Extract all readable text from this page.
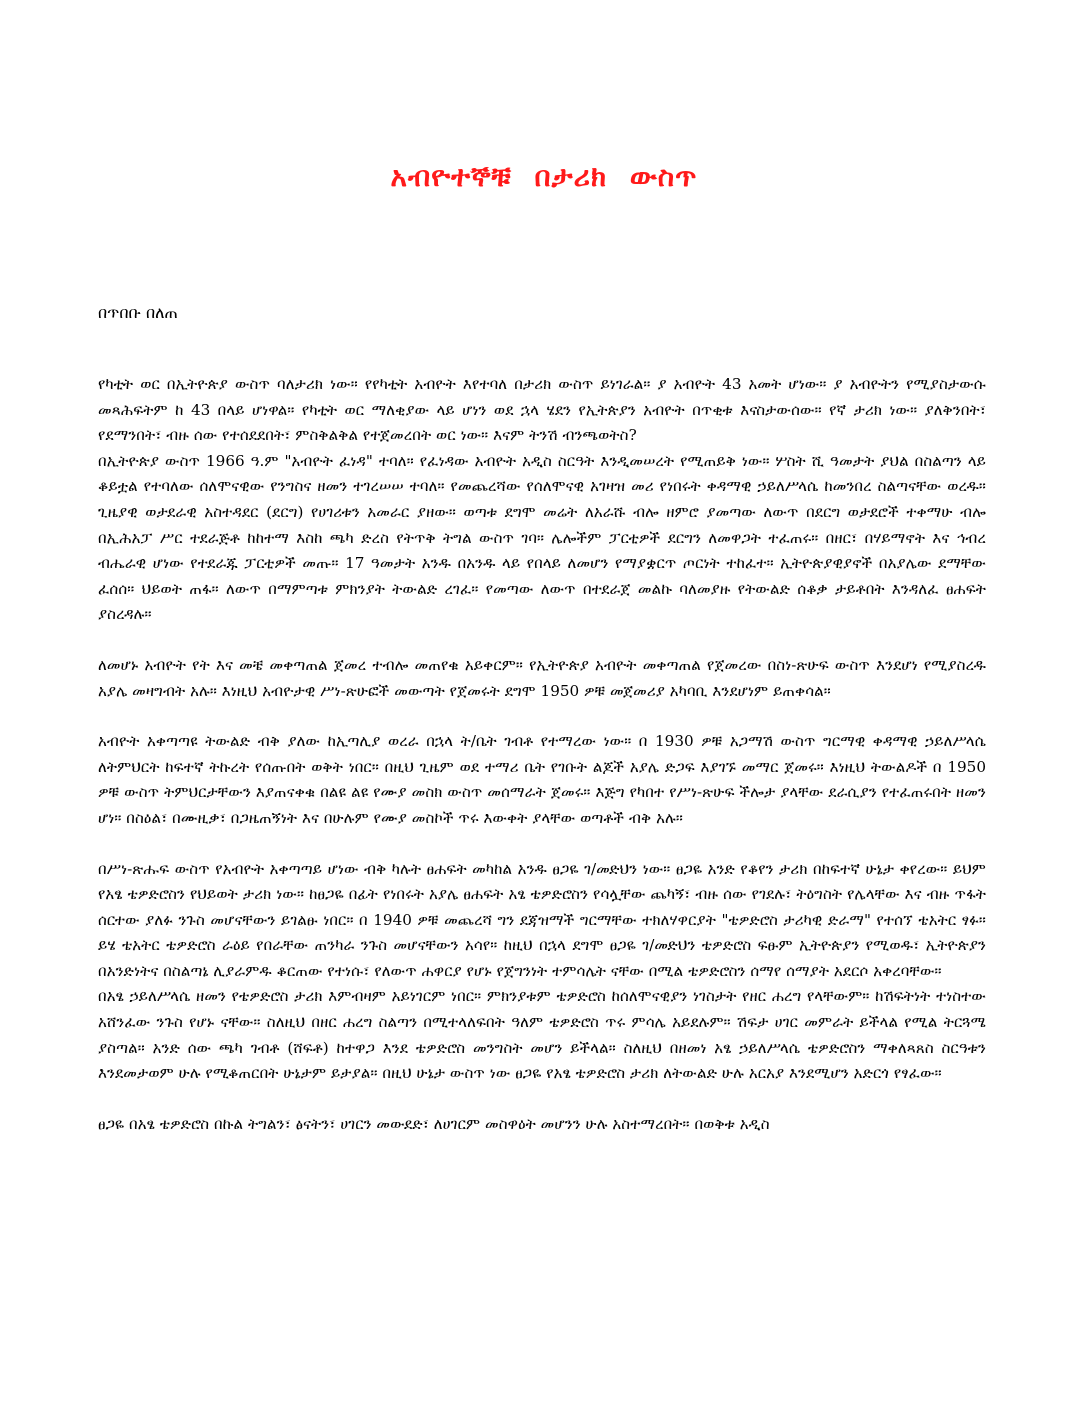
አብዮተኞቹ በታሪክ ውስጥ
በጥበቡ በለጠ

የካቲት ወር በኢትዮጵያ ውስጥ ባለታሪክ ነው። የየካቲት አብዮት እየተባለ በታሪክ ውስጥ ይነገራል። ያ አብዮት 43 አመት ሆነው። ያ አብዮትን የሚያስታውሱ መጻሕፍትም ከ 43 በላይ ሆነዋል። የካቲት ወር ማለቂያው ላይ ሆነን ወደ ኋላ ሄደን የኢትጵያን አብዮት በጥቂቱ እናስታውሰው። የኛ ታሪክ ነው። ያለቅንበት፣ የደማንበት፣ ብዙ ሰው የተሰደደበት፣ ምስቅልቅል የተጀመረበት ወር ነው። እናም ትንሽ ብንጫወትስ?

በኢትዮጵያ ውስጥ 1966 ዓ.ም "አብዮት ፈነዳ" ተባለ። የፈነዳው አብዮት አዲስ ስርዓት እንዲመሠረት የሚጠይቅ ነው። ሦስት ሺ ዓመታት ያህል በስልጣን ላይ ቆይቷል የተባለው ሰለሞናዊው የንግስና ዘመን ተገረሠሠ ተባለ። የመጨረሻው የሰለሞናዊ አገዛዝ መሪ የነበሩት ቀዳማዊ ኃይለሥላሴ ከመንበረ ስልጣናቸው ወረዱ። ጊዜያዊ ወታደራዊ አስተዳደር (ደርግ) የሀገሪቱን አመራር ያዘው። ወጣቱ ደግሞ መሬት ለአራሹ ብሎ ዘምሮ ያመጣው ለውጥ በደርግ ወታደሮች ተቀማሁ ብሎ በኢሕአፓ ሥር ተደራጅቶ ከከተማ እስከ ጫካ ድረስ የትጥቅ ትግል ውስጥ ገባ። ሌሎችም ፓርቲዎች ደርግን ለመዋጋት ተፈጠሩ። በዘር፣ በሃይማኖት እና ኅብረ ብሔራዊ ሆነው የተደራጁ ፓርቲዎች መጡ። 17 ዓመታት አንዱ በአንዱ ላይ የበላይ ለመሆን የማያቋርጥ ጦርነት ተከፈተ። ኢትዮጵያዊያኖች በአያሌው ደማቸው ፈሰሰ። ህይወት ጠፋ። ለውጥ በማምጣቱ ምክንያት ትውልድ ረገፈ። የመጣው ለውጥ በተደራጀ መልኩ ባለመያዙ የትውልድ ሰቆቃ ታይቶበት እንዳለፈ ፀሐፍት ያስረዳሉ።

ለመሆኑ አብዮት የት እና መቼ መቀጣጠል ጀመረ ተብሎ መጠየቁ አይቀርም። የኢትዮጵያ አብዮት መቀጣጠል የጀመረው በስነ-ጽሁፍ ውስጥ እንደሆነ የሚያስረዱ አያሌ መዛግብት አሉ። እነዚህ አብዮታዊ ሥነ-ጽሁፎች መውጣት የጀመሩት ደግሞ 1950 ዎቹ መጀመሪያ አካባቢ እንደሆነም ይጠቀሳል።

አብዮት አቀጣጣዩ ትውልድ ብቅ ያለው ከኢጣሊያ ወረራ በኋላ ት/ቤት ገብቶ የተማረው ነው። በ 1930 ዎቹ አጋማሽ ውስጥ ግርማዊ ቀዳማዊ ኃይለሥላሴ ለትምህርት ከፍተኛ ትኩረት የሰጡበት ወቅት ነበር። በዚህ ጊዜም ወደ ተማሪ ቤት የገቡት ልጆች አያሌ ድጋፍ እያገኙ መማር ጀመሩ። እነዚህ ትውልዶች በ 1950 ዎቹ ውስጥ ትምህርታቸውን እያጠናቀቁ በልዩ ልዩ የሙያ መስክ ውስጥ መሰማራት ጀመሩ። እጅግ የካበተ የሥነ-ጽሁፍ ችሎታ ያላቸው ደራሲያን የተፈጠሩበት ዘመን ሆነ። በስዕል፣ በሙዚቃ፣ በጋዜጠኝነት እና በሁሉም የሙያ መስኮች ጥሩ እውቀት ያላቸው ወጣቶች ብቅ አሉ።

በሥነ-ጽሑፍ ውስጥ የአብዮት አቀጣጣይ ሆነው ብቅ ካሉት ፀሐፍት መካከል አንዱ ፀጋዬ ገ/መድህን ነው። ፀጋዬ አንድ የቆየን ታሪክ በከፍተኛ ሁኔታ ቀየረው። ይህም የአፄ ቴዎድሮስን የህይወት ታሪክ ነው። ከፀጋዬ በፊት የነበሩት አያሌ ፀሐፍት አፄ ቴዎድሮስን የሳሏቸው ጨካኝ፣ ብዙ ሰው የገደሉ፣ ትዕግስት የሌላቸው እና ብዙ ጥፋት ሰርተው ያለፉ ንጉስ መሆናቸውን ይገልፁ ነበር። በ 1940 ዎቹ መጨረሻ ግን ደጃዝማች ግርማቸው ተክለሃዋርያት "ቴዎድሮስ ታሪካዊ ድራማ" የተሰኘ ቴአትር ፃፉ። ይሄ ቴአትር ቴዎድሮስ ራዕይ የበራቸው ጠንካራ ንጉስ መሆናቸውን አሳየ። ከዚህ በኋላ ደግሞ ፀጋዬ ገ/መድህን ቴዎድሮስ ፍፁም ኢትዮጵያን የሚወዱ፣ ኢትዮጵያን በአንድነትና በስልጣኔ ሊያራምዱ ቆርጠው የተነሱ፣ የለውጥ ሐዋርያ የሆኑ የጀግንነት ተምሳሌት ናቸው በሚል ቴዎድሮስን ሰማየ ሰማያት አደርሶ አቀረባቸው።

በአፄ ኃይለሥላሴ ዘመን የቴዎድሮስ ታሪክ እምብዛም አይነገርም ነበር። ምክንያቱም ቴዎድሮስ ከሰለሞናዊያን ነገስታት የዘር ሐረግ የላቸውም። ከሽፍትነት ተነስተው አሸንፈው ንጉስ የሆኑ ናቸው። ስለዚህ በዘር ሐረግ ስልጣን በሚተላለፍበት ዓለም ቴዎድሮስ ጥሩ ምሳሌ አይደሉም። ሽፍታ ሀገር መምራት ይችላል የሚል ትርጓሜ ያስጣል። አንድ ሰው ጫካ ገብቶ (ሸፍቶ) ከተዋጋ እንደ ቴዎድሮስ መንግስት መሆን ይችላል። ስለዚህ በዘመነ አፄ ኃይለሥላሴ ቴዎድሮስን ማቀለጻጸስ ስርዓቱን እንደመታወም ሁሉ የሚቆጠርበት ሁኔታም ይታያል። በዚህ ሁኔታ ውስጥ ነው ፀጋዬ የአፄ ቴዎድሮስ ታሪክ ለትውልድ ሁሉ አርአያ እንደሚሆን አድርጎ የፃፈው።

ፀጋዬ በአፄ ቴዎድሮስ በኩል ትግልን፣ ፅናትን፣ ሀገርን መውደድ፣ ለሀገርም መስዋዕት መሆንን ሁሉ አስተማረበት። በወቅቱ አዲስ
